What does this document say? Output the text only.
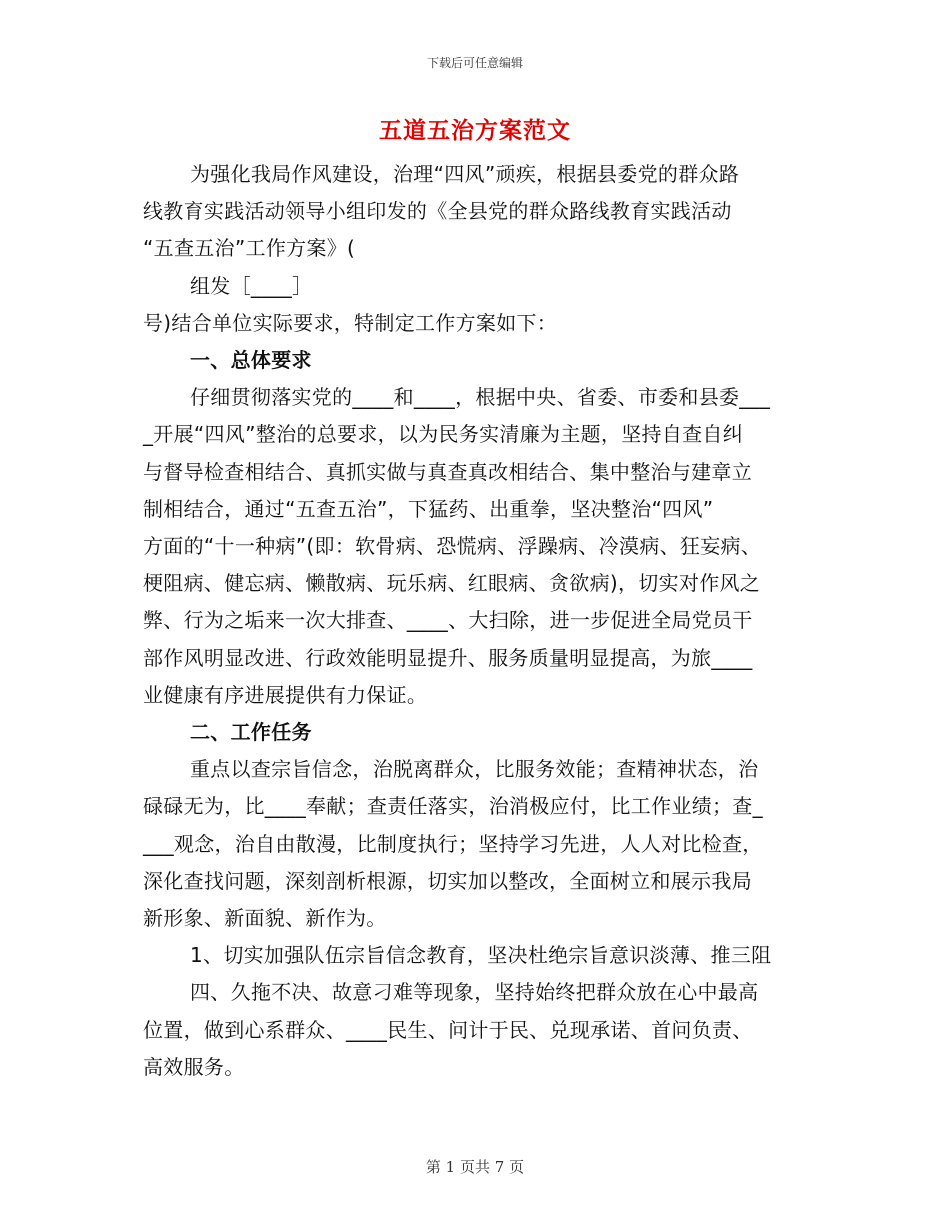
下载后可任意编辑
五道五治方案范文
为强化我局作风建设，治理“四风”顽疾，根据县委党的群众路
线教育实践活动领导小组印发的《全县党的群众路线教育实践活动
“五查五治”工作方案》(
组发［____］
号)结合单位实际要求，特制定工作方案如下：
一、总体要求
仔细贯彻落实党的____和____，根据中央、省委、市委和县委___
_开展“四风”整治的总要求，以为民务实清廉为主题，坚持自查自纠
与督导检查相结合、真抓实做与真查真改相结合、集中整治与建章立
制相结合，通过“五查五治”，下猛药、出重拳，坚决整治“四风”
方面的“十一种病”(即：软骨病、恐慌病、浮躁病、冷漠病、狂妄病、
梗阻病、健忘病、懒散病、玩乐病、红眼病、贪欲病)，切实对作风之
弊、行为之垢来一次大排查、____、大扫除，进一步促进全局党员干
部作风明显改进、行政效能明显提升、服务质量明显提高，为旅____
业健康有序进展提供有力保证。
二、工作任务
重点以查宗旨信念，治脱离群众，比服务效能；查精神状态，治
碌碌无为，比____奉献；查责任落实，治消极应付，比工作业绩；查_
___观念，治自由散漫，比制度执行；坚持学习先进，人人对比检查，
深化查找问题，深刻剖析根源，切实加以整改，全面树立和展示我局
新形象、新面貌、新作为。
1、切实加强队伍宗旨信念教育，坚决杜绝宗旨意识淡薄、推三阻
四、久拖不决、故意刁难等现象，坚持始终把群众放在心中最高
位置，做到心系群众、____民生、问计于民、兑现承诺、首问负责、
高效服务。
第 1 页共 7 页
